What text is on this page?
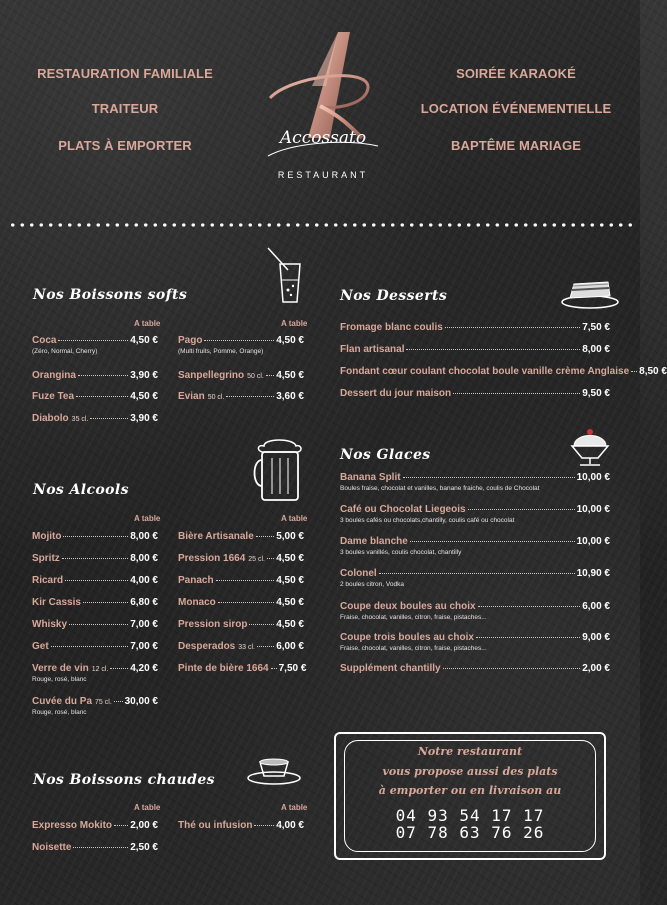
RESTAURATION FAMILIALE
TRAITEUR
PLATS À EMPORTER
SOIRÉE KARAOKÉ
LOCATION ÉVÉNEMENTIELLE
BAPTÊME MARIAGE
Accossato
RESTAURANT
Nos Boissons softs
A table	A table
Coca	4,50 €
(Zéro, Normal, Cherry)
Orangina	3,90 €
Fuze Tea	4,50 €
Diabolo 35 cl.	3,90 €
Pago	4,50 €
(Multi fruits, Pomme, Orange)
Sanpellegrino 50 cl. 4,50 €
Evian 50 cl.	3,60 €
Nos Alcools
A table	A table
Mojito	8,00 €
Spritz	8,00 €
Ricard	4,00 €
Kir Cassis	6,80 €
Whisky	7,00 €
Get	7,00 €
Verre de vin 12 cl. 4,20 €
Rouge, rosé, blanc
Cuvée du Pa 75 cl. 30,00 €
Rouge, rosé, blanc
Bière Artisanale 5,00 €
Pression 1664 25 cl. 4,50 €
Panach	4,50 €
Monaco	4,50 €
Pression sirop	4,50 €
Desperados 33 cl. 6,00 €
Pinte de bière 1664 7,50 €
Nos Boissons chaudes
A table	A table
Expresso Mokito 2,00 €
Noisette	2,50 €
Thé ou infusion 4,00 €
Nos Desserts
Fromage blanc coulis	7,50 €
Flan artisanal	8,00 €
Fondant cœur coulant chocolat boule vanille crème Anglaise 8,50 €
Dessert du jour maison	9,50 €
Nos Glaces
Banana Split	10,00 €
Boules fraise, chocolat et vanilles, banane fraiche, coulis de Chocolat
Café ou Chocolat Liegeois	10,00 €
3 boules cafés ou chocolats,chantilly, coulis café ou chocolat
Dame blanche	10,00 €
3 boules vanillés, coulis chocolat, chantilly
Colonel	10,90 €
2 boules citron, Vodka
Coupe deux boules au choix	6,00 €
Fraise, chocolat, vanilles, citron, fraise, pistaches...
Coupe trois boules au choix	9,00 €
Fraise, chocolat, vanilles, citron, fraise, pistaches...
Supplément chantilly	2,00 €
Notre restaurant
vous propose aussi des plats
à emporter ou en livraison au
04 93 54 17 17
07 78 63 76 26
